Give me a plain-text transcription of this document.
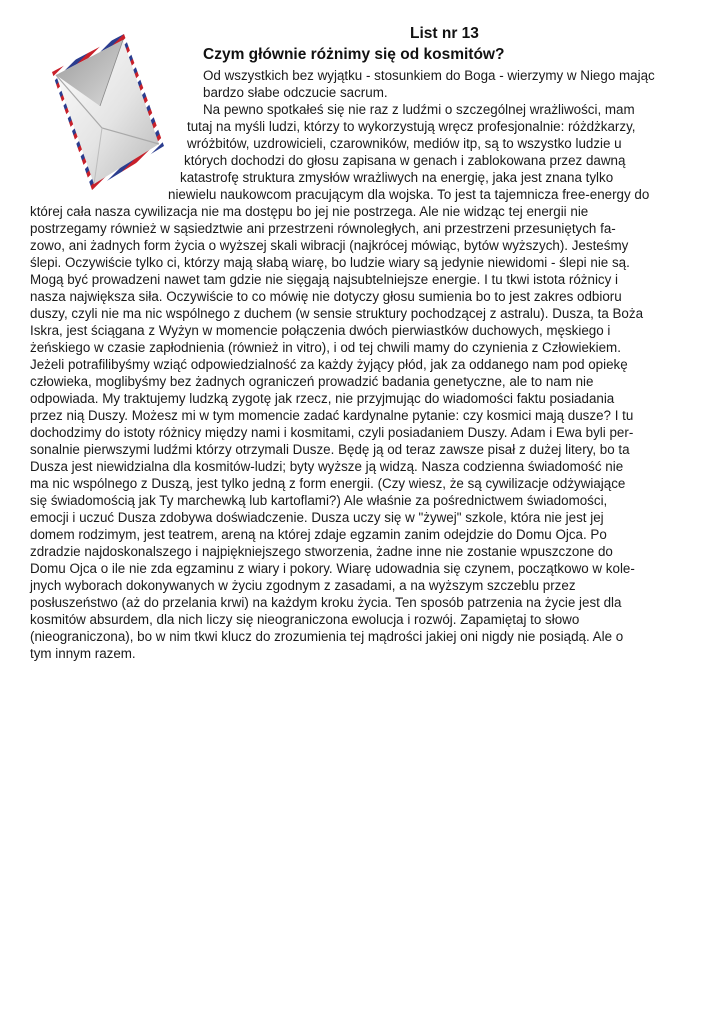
List nr 13
Czym głównie różnimy się od kosmitów?
Od wszystkich bez wyjątku - stosunkiem do Boga - wierzymy w Niego mając
bardzo słabe odczucie sacrum.
Na pewno spotkałeś się nie raz z ludźmi o szczególnej wrażliwości, mam
tutaj na myśli ludzi, którzy to wykorzystują wręcz profesjonalnie: różdżkarzy,
wróżbitów, uzdrowicieli, czarowników, mediów itp, są to wszystko ludzie u
których dochodzi do głosu zapisana w genach i zablokowana przez dawną
katastrofę struktura zmysłów wrażliwych na energię, jaka jest znana tylko
niewielu naukowcom pracującym dla wojska. To jest ta tajemnicza free-energy do
której cała nasza cywilizacja nie ma dostępu bo jej nie postrzega. Ale nie widząc tej energii nie
postrzegamy również w sąsiedztwie ani przestrzeni równoległych, ani przestrzeni przesuniętych fa-
zowo, ani żadnych form życia o wyższej skali wibracji (najkrócej mówiąc, bytów wyższych). Jesteśmy
ślepi. Oczywiście tylko ci, którzy mają słabą wiarę, bo ludzie wiary są jedynie niewidomi - ślepi nie są.
Mogą być prowadzeni nawet tam gdzie nie sięgają najsubtelniejsze energie. I tu tkwi istota różnicy i
nasza największa siła. Oczywiście to co mówię nie dotyczy głosu sumienia bo to jest zakres odbioru
duszy, czyli nie ma nic wspólnego z duchem (w sensie struktury pochodzącej z astralu). Dusza, ta Boża
Iskra, jest ściągana z Wyżyn w momencie połączenia dwóch pierwiastków duchowych, męskiego i
żeńskiego w czasie zapłodnienia (również in vitro), i od tej chwili mamy do czynienia z Człowiekiem.
Jeżeli potrafilibyśmy wziąć odpowiedzialność za każdy żyjący płód, jak za oddanego nam pod opiekę
człowieka, moglibyśmy bez żadnych ograniczeń prowadzić badania genetyczne, ale to nam nie
odpowiada. My traktujemy ludzką zygotę jak rzecz, nie przyjmując do wiadomości faktu posiadania
przez nią Duszy. Możesz mi w tym momencie zadać kardynalne pytanie: czy kosmici mają dusze? I tu
dochodzimy do istoty różnicy między nami i kosmitami, czyli posiadaniem Duszy. Adam i Ewa byli per-
sonalnie pierwszymi ludźmi którzy otrzymali Dusze. Będę ją od teraz zawsze pisał z dużej litery, bo ta
Dusza jest niewidzialna dla kosmitów-ludzi; byty wyższe ją widzą. Nasza codzienna świadomość nie
ma nic wspólnego z Duszą, jest tylko jedną z form energii. (Czy wiesz, że są cywilizacje odżywiające
się świadomością jak Ty marchewką lub kartoflami?) Ale właśnie za pośrednictwem świadomości,
emocji i uczuć Dusza zdobywa doświadczenie. Dusza uczy się w "żywej" szkole, która nie jest jej
domem rodzimym, jest teatrem, areną na której zdaje egzamin zanim odejdzie do Domu Ojca. Po
zdradzie najdoskonalszego i najpiękniejszego stworzenia, żadne inne nie zostanie wpuszczone do
Domu Ojca o ile nie zda egzaminu z wiary i pokory. Wiarę udowadnia się czynem, początkowo w kole-
jnych wyborach dokonywanych w życiu zgodnym z zasadami, a na wyższym szczeblu przez
posłuszeństwo (aż do przelania krwi) na każdym kroku życia. Ten sposób patrzenia na życie jest dla
kosmitów absurdem, dla nich liczy się nieograniczona ewolucja i rozwój. Zapamiętaj to słowo
(nieograniczona), bo w nim tkwi klucz do zrozumienia tej mądrości jakiej oni nigdy nie posiądą. Ale o
tym innym razem.
